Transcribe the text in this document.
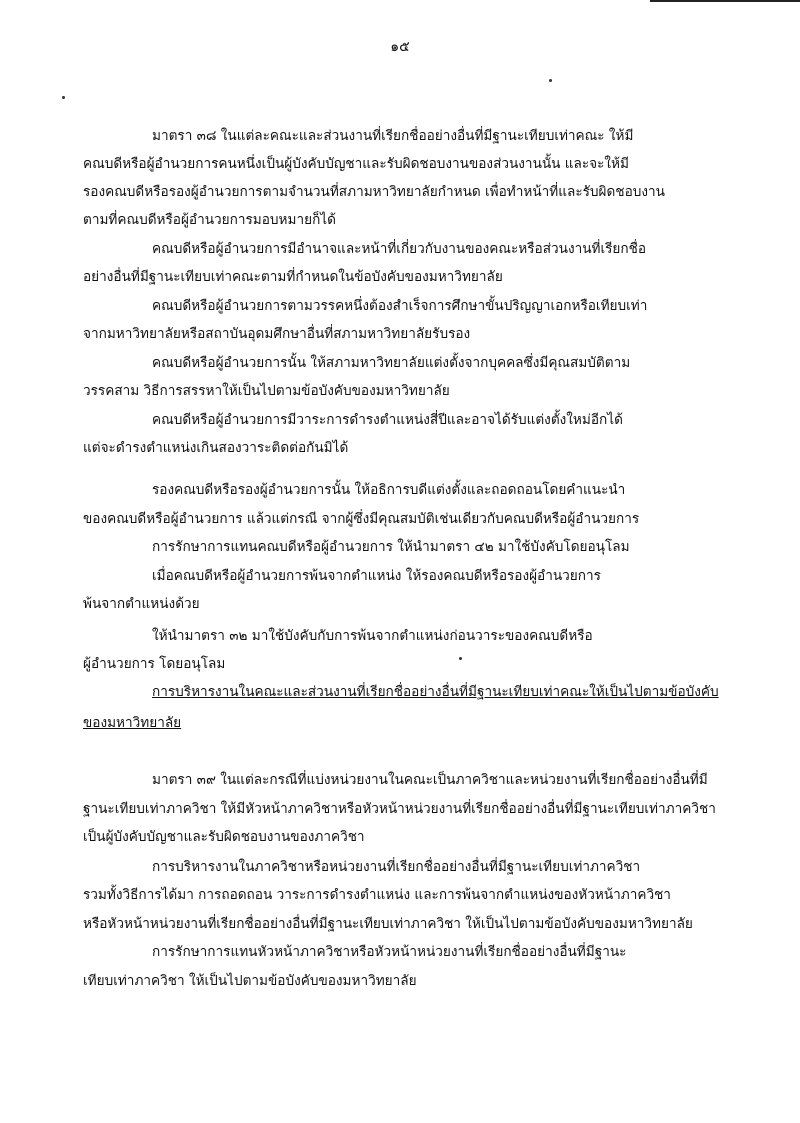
๑๕
มาตรา ๓๘ ในแต่ละคณะและส่วนงานที่เรียกชื่ออย่างอื่นที่มีฐานะเทียบเท่าคณะ ให้มี
คณบดีหรือผู้อำนวยการคนหนึ่งเป็นผู้บังคับบัญชาและรับผิดชอบงานของส่วนงานนั้น และจะให้มี
รองคณบดีหรือรองผู้อำนวยการตามจำนวนที่สภามหาวิทยาลัยกำหนด เพื่อทำหน้าที่และรับผิดชอบงาน
ตามที่คณบดีหรือผู้อำนวยการมอบหมายก็ได้
คณบดีหรือผู้อำนวยการมีอำนาจและหน้าที่เกี่ยวกับงานของคณะหรือส่วนงานที่เรียกชื่อ
อย่างอื่นที่มีฐานะเทียบเท่าคณะตามที่กำหนดในข้อบังคับของมหาวิทยาลัย
คณบดีหรือผู้อำนวยการตามวรรคหนึ่งต้องสำเร็จการศึกษาขั้นปริญญาเอกหรือเทียบเท่า
จากมหาวิทยาลัยหรือสถาบันอุดมศึกษาอื่นที่สภามหาวิทยาลัยรับรอง
คณบดีหรือผู้อำนวยการนั้น ให้สภามหาวิทยาลัยแต่งตั้งจากบุคคลซึ่งมีคุณสมบัติตาม
วรรคสาม วิธีการสรรหาให้เป็นไปตามข้อบังคับของมหาวิทยาลัย
คณบดีหรือผู้อำนวยการมีวาระการดำรงตำแหน่งสี่ปีและอาจได้รับแต่งตั้งใหม่อีกได้
แต่จะดำรงตำแหน่งเกินสองวาระติดต่อกันมิได้
รองคณบดีหรือรองผู้อำนวยการนั้น ให้อธิการบดีแต่งตั้งและถอดถอนโดยคำแนะนำ
ของคณบดีหรือผู้อำนวยการ แล้วแต่กรณี จากผู้ซึ่งมีคุณสมบัติเช่นเดียวกับคณบดีหรือผู้อำนวยการ
การรักษาการแทนคณบดีหรือผู้อำนวยการ ให้นำมาตรา ๔๒ มาใช้บังคับโดยอนุโลม
เมื่อคณบดีหรือผู้อำนวยการพ้นจากตำแหน่ง ให้รองคณบดีหรือรองผู้อำนวยการ
พ้นจากตำแหน่งด้วย
ให้นำมาตรา ๓๒ มาใช้บังคับกับการพ้นจากตำแหน่งก่อนวาระของคณบดีหรือ
ผู้อำนวยการ โดยอนุโลม
การบริหารงานในคณะและส่วนงานที่เรียกชื่ออย่างอื่นที่มีฐานะเทียบเท่าคณะให้เป็นไปตามข้อบังคับ
ของมหาวิทยาลัย
มาตรา ๓๙ ในแต่ละกรณีที่แบ่งหน่วยงานในคณะเป็นภาควิชาและหน่วยงานที่เรียกชื่ออย่างอื่นที่มี
ฐานะเทียบเท่าภาควิชา ให้มีหัวหน้าภาควิชาหรือหัวหน้าหน่วยงานที่เรียกชื่ออย่างอื่นที่มีฐานะเทียบเท่าภาควิชา
เป็นผู้บังคับบัญชาและรับผิดชอบงานของภาควิชา
การบริหารงานในภาควิชาหรือหน่วยงานที่เรียกชื่ออย่างอื่นที่มีฐานะเทียบเท่าภาควิชา
รวมทั้งวิธีการได้มา การถอดถอน วาระการดำรงตำแหน่ง และการพ้นจากตำแหน่งของหัวหน้าภาควิชา
หรือหัวหน้าหน่วยงานที่เรียกชื่ออย่างอื่นที่มีฐานะเทียบเท่าภาควิชา ให้เป็นไปตามข้อบังคับของมหาวิทยาลัย
การรักษาการแทนหัวหน้าภาควิชาหรือหัวหน้าหน่วยงานที่เรียกชื่ออย่างอื่นที่มีฐานะ
เทียบเท่าภาควิชา ให้เป็นไปตามข้อบังคับของมหาวิทยาลัย
